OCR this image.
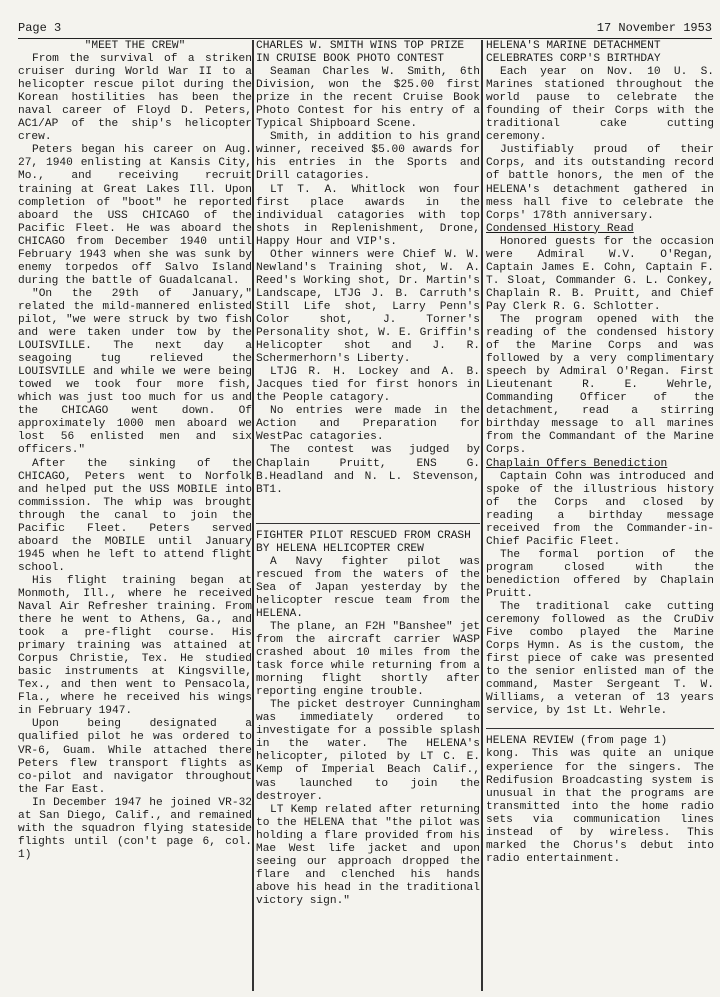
Page 3	17 November 1953

"MEET THE CREW"

From the survival of a striken cruiser during World War II to a helicopter rescue pilot during the Korean hostilities has been the naval career of Floyd D. Peters, AC1/AP of the ship's helicopter crew.

Peters began his career on Aug. 27, 1940 enlisting at Kansis City, Mo., and receiving recruit training at Great Lakes Ill. Upon completion of "boot" he reported aboard the USS CHICAGO of the Pacific Fleet. He was aboard the CHICAGO from December 1940 until February 1943 when she was sunk by enemy torpedos off Salvo Island during the battle of Guadalcanal.

"On the 29th of January," related the mild-mannered enlisted pilot, "we were struck by two fish and were taken under tow by the LOUISVILLE. The next day a seagoing tug relieved the LOUISVILLE and while we were being towed we took four more fish, which was just too much for us and the CHICAGO went down. Of approximately 1000 men aboard we lost 56 enlisted men and six officers."

After the sinking of the CHICAGO, Peters went to Norfolk and helped put the USS MOBILE into commission. The whip was brought through the canal to join the Pacific Fleet. Peters served aboard the MOBILE until January 1945 when he left to attend flight school.

His flight training began at Monmoth, Ill., where he received Naval Air Refresher training. From there he went to Athens, Ga., and took a pre-flight course. His primary training was attained at Corpus Christie, Tex. He studied basic instruments at Kingsville, Tex., and then went to Pensacola, Fla., where he received his wings in February 1947.

Upon being designated a qualified pilot he was ordered to VR-6, Guam. While attached there Peters flew transport flights as co-pilot and navigator throughout the Far East.

In December 1947 he joined VR-32 at San Diego, Calif., and remained with the squadron flying stateside flights until (con't page 6, col. 1)

CHARLES W. SMITH WINS TOP PRIZE IN CRUISE BOOK PHOTO CONTEST

Seaman Charles W. Smith, 6th Division, won the $25.00 first prize in the recent Cruise Book Photo Contest for his entry of a Typical Shipboard Scene.

Smith, in addition to his grand winner, received $5.00 awards for his entries in the Sports and Drill catagories.

LT T. A. Whitlock won four first place awards in the individual catagories with top shots in Replenishment, Drone, Happy Hour and VIP's.

Other winners were Chief W. W. Newland's Training shot, W. A. Reed's Working shot, Dr. Martin's Landscape, LTJG J. B. Carruth's Still Life shot, Larry Penn's Color shot, J. Torner's Personality shot, W. E. Griffin's Helicopter shot and J. R. Schermerhorn's Liberty.

LTJG R. H. Lockey and A. B. Jacques tied for first honors in the People catagory.

No entries were made in the Action and Preparation for WestPac catagories.

The contest was judged by Chaplain Pruitt, ENS G. B.Headland and N. L. Stevenson, BT1.

FIGHTER PILOT RESCUED FROM CRASH BY HELENA HELICOPTER CREW

A Navy fighter pilot was rescued from the waters of the Sea of Japan yesterday by the helicopter rescue team from the HELENA.

The plane, an F2H "Banshee" jet from the aircraft carrier WASP crashed about 10 miles from the task force while returning from a morning flight shortly after reporting engine trouble.

The picket destroyer Cunningham was immediately ordered to investigate for a possible splash in the water. The HELENA's helicopter, piloted by LT C. E. Kemp of Imperial Beach Calif., was launched to join the destroyer.

LT Kemp related after returning to the HELENA that "the pilot was holding a flare provided from his Mae West life jacket and upon seeing our approach dropped the flare and clenched his hands above his head in the traditional victory sign."

HELENA'S MARINE DETACHMENT CELEBRATES CORP'S BIRTHDAY

Each year on Nov. 10 U. S. Marines stationed throughout the world pause to celebrate the founding of their Corps with the traditional cake cutting ceremony.

Justifiably proud of their Corps, and its outstanding record of battle honors, the men of the HELENA's detachment gathered in mess hall five to celebrate the Corps' 178th anniversary.

Condensed History Read

Honored guests for the occasion were Admiral W.V. O'Regan, Captain James E. Cohn, Captain F. T. Sloat, Commander G. L. Conkey, Chaplain R. B. Pruitt, and Chief Pay Clerk R. G. Schlotter.

The program opened with the reading of the condensed history of the Marine Corps and was followed by a very complimentary speech by Admiral O'Regan. First Lieutenant R. E. Wehrle, Commanding Officer of the detachment, read a stirring birthday message to all marines from the Commandant of the Marine Corps.

Chaplain Offers Benediction

Captain Cohn was introduced and spoke of the illustrious history of the Corps and closed by reading a birthday message received from the Commander-in-Chief Pacific Fleet.

The formal portion of the program closed with the benediction offered by Chaplain Pruitt.

The traditional cake cutting ceremony followed as the CruDiv Five combo played the Marine Corps Hymn. As is the custom, the first piece of cake was presented to the senior enlisted man of the command, Master Sergeant T. W. Williams, a veteran of 13 years service, by 1st Lt. Wehrle.

HELENA REVIEW (from page 1)

kong. This was quite an unique experience for the singers. The Redifusion Broadcasting system is unusual in that the programs are transmitted into the home radio sets via communication lines instead of by wireless. This marked the Chorus's debut into radio entertainment.
